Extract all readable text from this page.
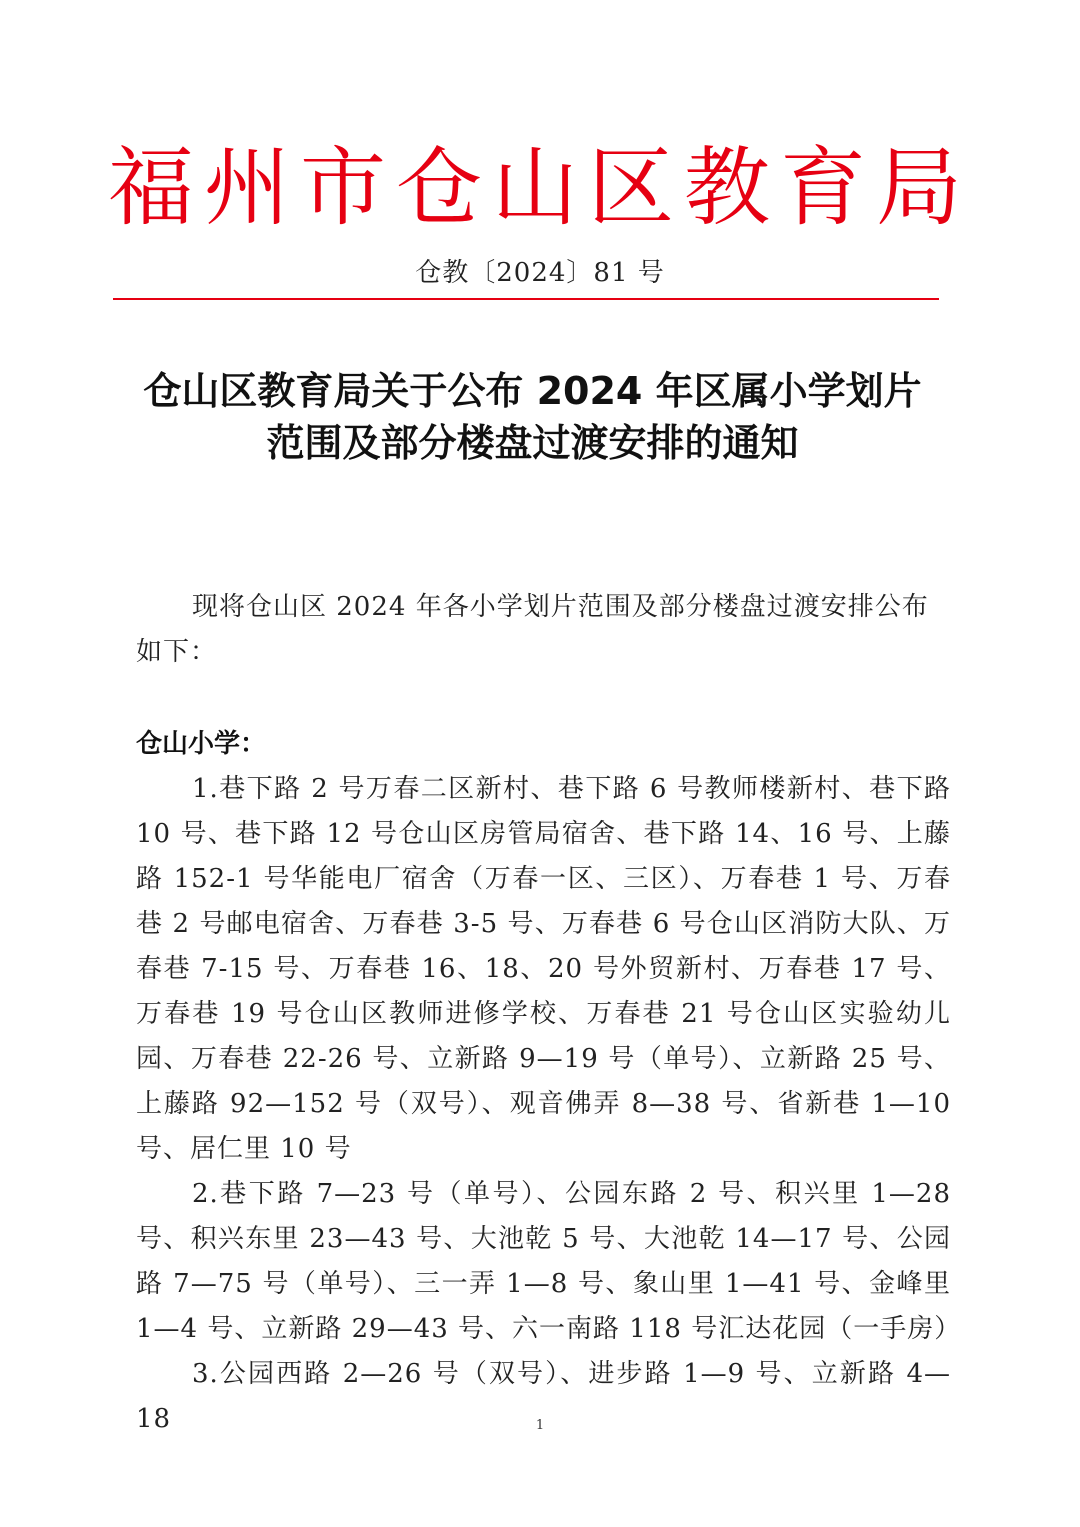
福州市仓山区教育局
仓教〔2024〕81 号
仓山区教育局关于公布 2024 年区属小学划片
范围及部分楼盘过渡安排的通知

现将仓山区 2024 年各小学划片范围及部分楼盘过渡安排公布如下：

仓山小学：

1.巷下路 2 号万春二区新村、巷下路 6 号教师楼新村、巷下路 10 号、巷下路 12 号仓山区房管局宿舍、巷下路 14、16 号、上藤路 152-1 号华能电厂宿舍（万春一区、三区）、万春巷 1 号、万春巷 2 号邮电宿舍、万春巷 3-5 号、万春巷 6 号仓山区消防大队、万春巷 7-15 号、万春巷 16、18、20 号外贸新村、万春巷 17 号、万春巷 19 号仓山区教师进修学校、万春巷 21 号仓山区实验幼儿园、万春巷 22-26 号、立新路 9—19 号（单号）、立新路 25 号、上藤路 92—152 号（双号）、观音佛弄 8—38 号、省新巷 1—10 号、居仁里 10 号

2.巷下路 7—23 号（单号）、公园东路 2 号、积兴里 1—28 号、积兴东里 23—43 号、大池乾 5 号、大池乾 14—17 号、公园路 7—75 号（单号）、三一弄 1—8 号、象山里 1—41 号、金峰里 1—4 号、立新路 29—43 号、六一南路 118 号汇达花园（一手房）

3.公园西路 2—26 号（双号）、进步路 1—9 号、立新路 4—18	1
